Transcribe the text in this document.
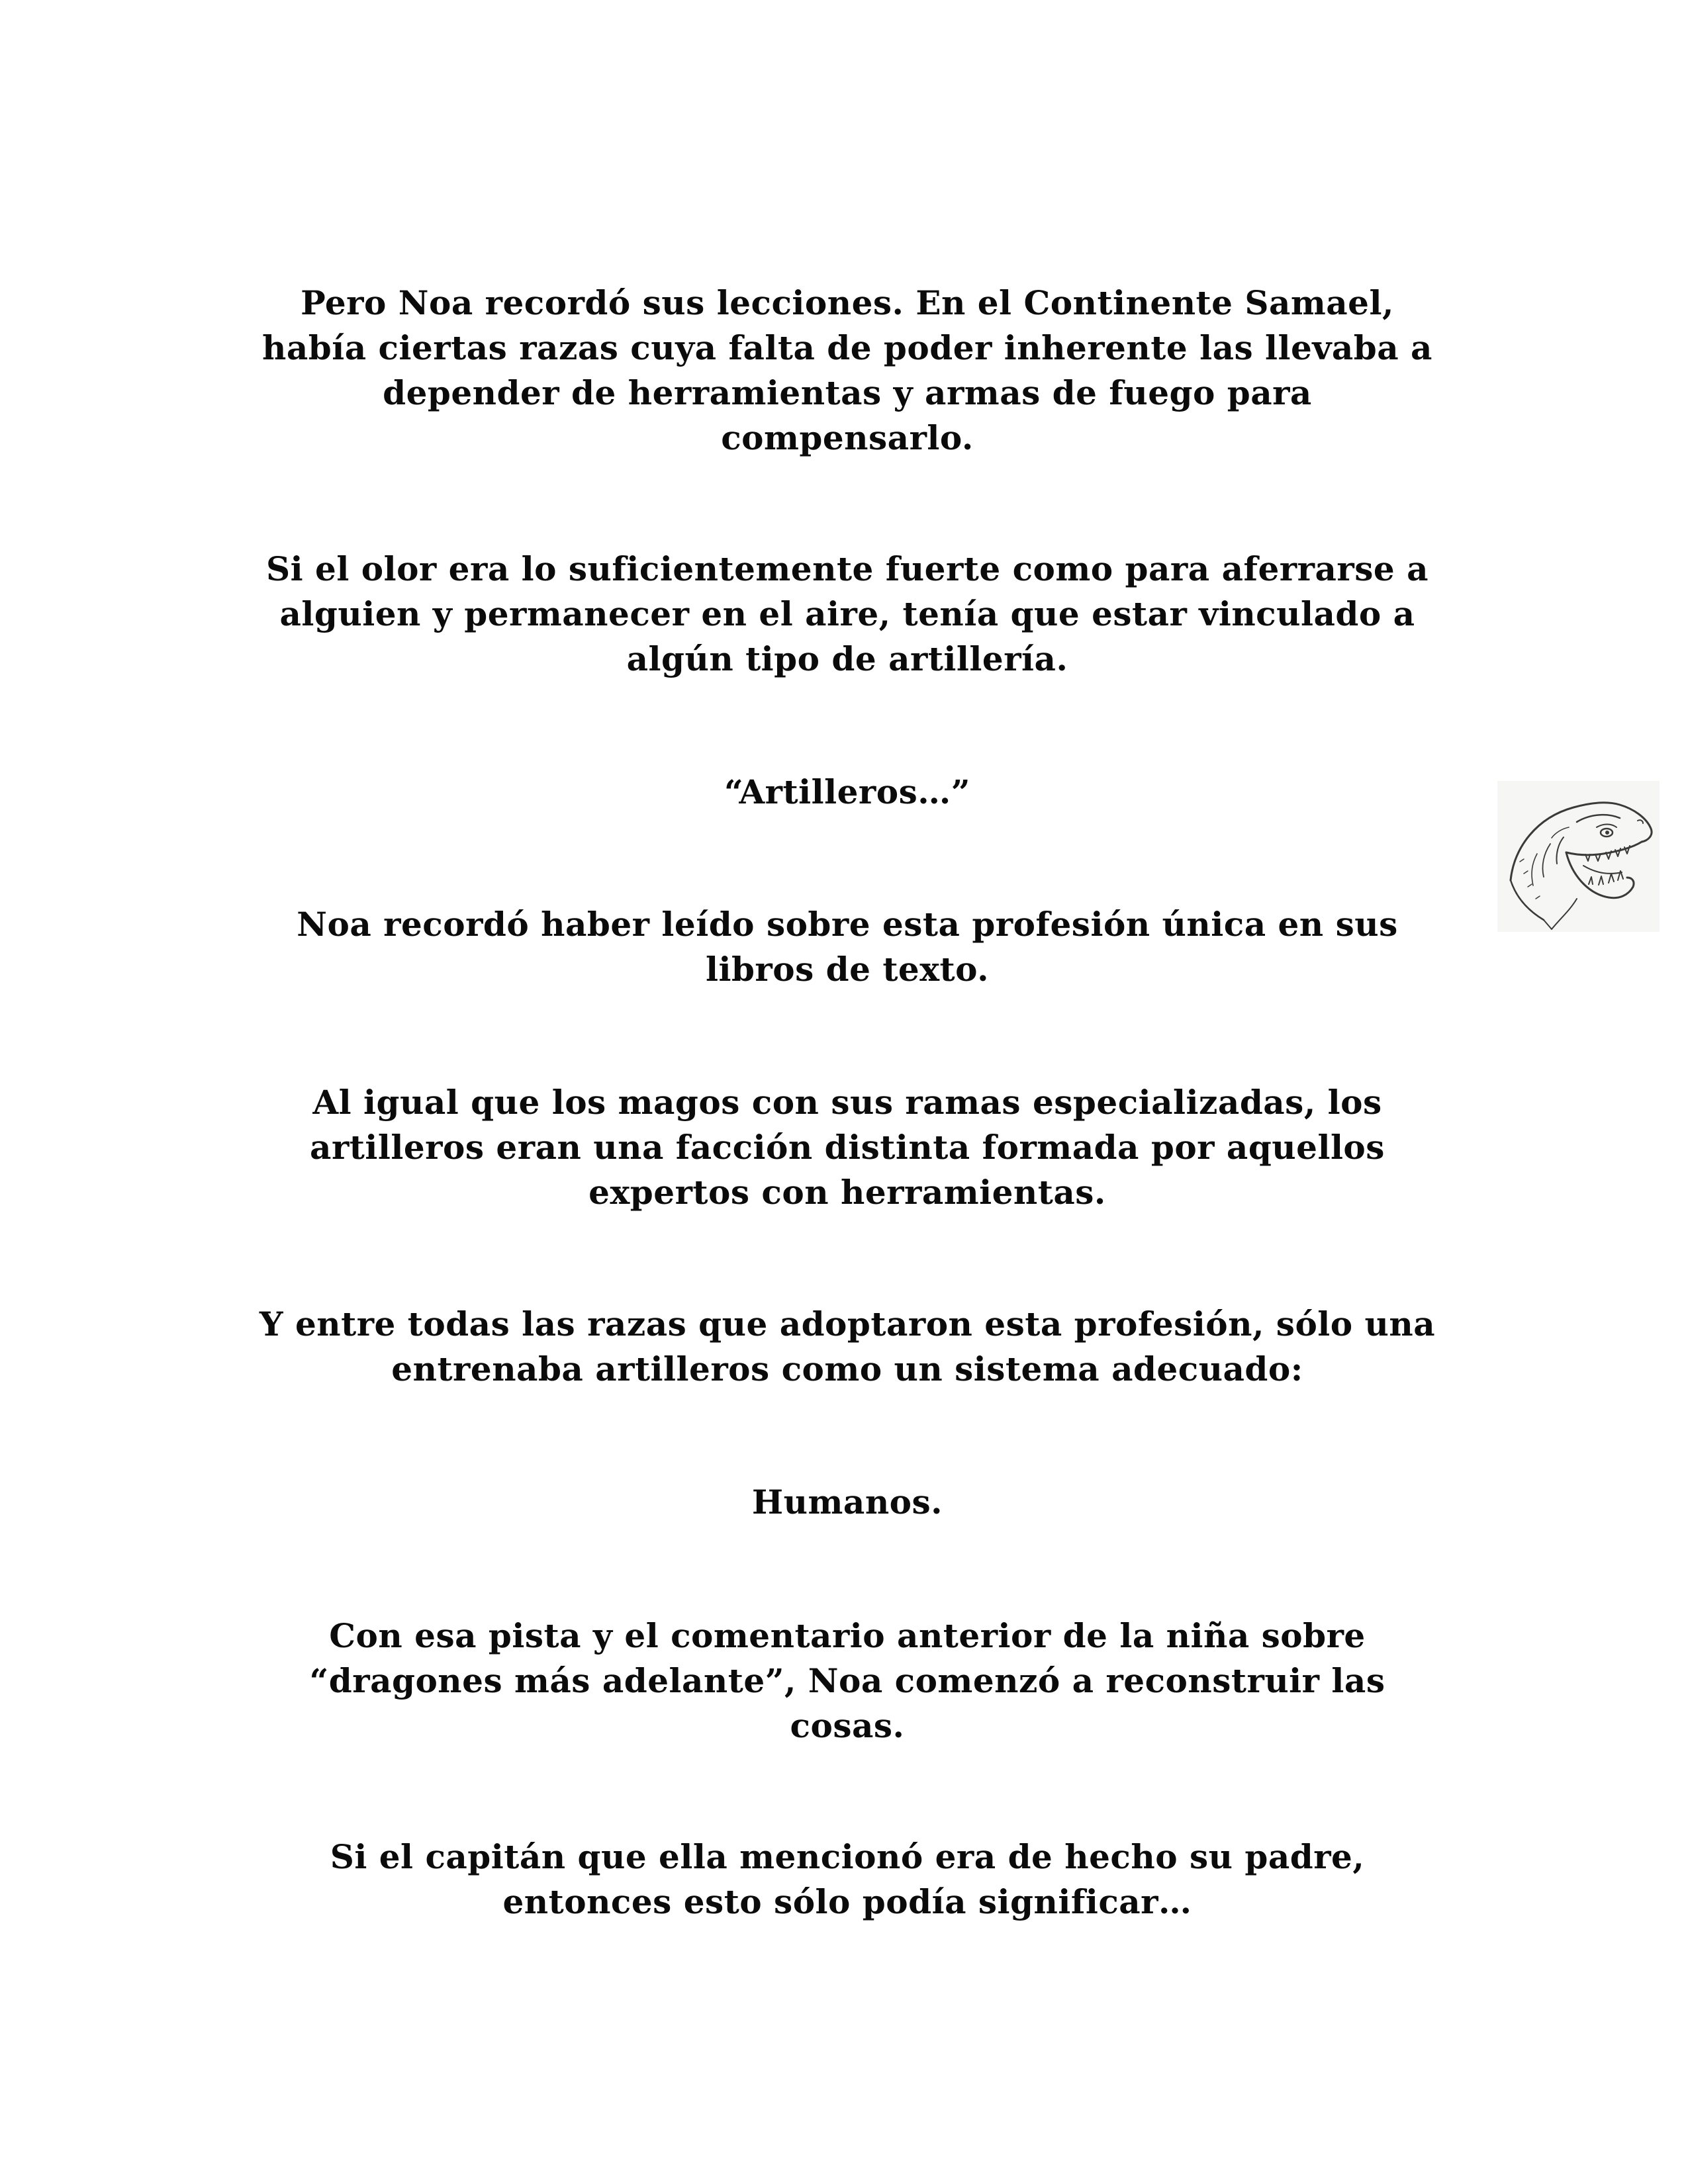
Pero Noa recordó sus lecciones. En el Continente Samael,
había ciertas razas cuya falta de poder inherente las llevaba a
depender de herramientas y armas de fuego para
compensarlo.

Si el olor era lo suficientemente fuerte como para aferrarse a
alguien y permanecer en el aire, tenía que estar vinculado a
algún tipo de artillería.

“Artilleros…”

Noa recordó haber leído sobre esta profesión única en sus
libros de texto.

Al igual que los magos con sus ramas especializadas, los
artilleros eran una facción distinta formada por aquellos
expertos con herramientas.

Y entre todas las razas que adoptaron esta profesión, sólo una
entrenaba artilleros como un sistema adecuado:

Humanos.

Con esa pista y el comentario anterior de la niña sobre
“dragones más adelante”, Noa comenzó a reconstruir las
cosas.

Si el capitán que ella mencionó era de hecho su padre,
entonces esto sólo podía significar…
